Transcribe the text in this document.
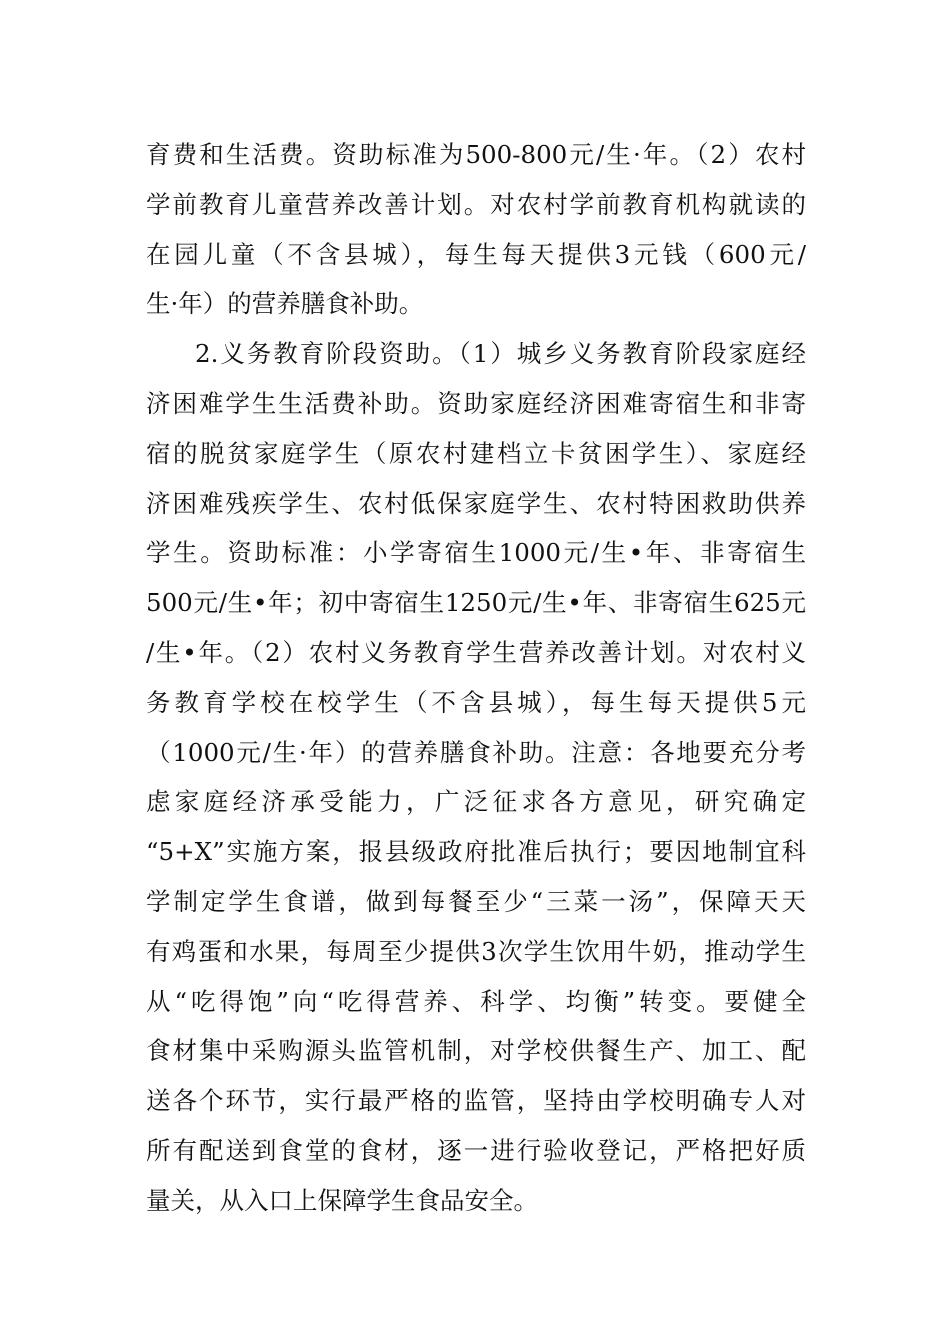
育费和生活费。资助标准为500-800元/生·年。（2）农村
学前教育儿童营养改善计划。对农村学前教育机构就读的
在园儿童（不含县城），每生每天提供3元钱（600元/
生·年）的营养膳食补助。
2.义务教育阶段资助。（1）城乡义务教育阶段家庭经
济困难学生生活费补助。资助家庭经济困难寄宿生和非寄
宿的脱贫家庭学生（原农村建档立卡贫困学生）、家庭经
济困难残疾学生、农村低保家庭学生、农村特困救助供养
学生。资助标准：小学寄宿生1000元/生•年、非寄宿生
500元/生•年；初中寄宿生1250元/生•年、非寄宿生625元
/生•年。（2）农村义务教育学生营养改善计划。对农村义
务教育学校在校学生（不含县城），每生每天提供5元
（1000元/生·年）的营养膳食补助。注意：各地要充分考
虑家庭经济承受能力，广泛征求各方意见，研究确定
“5+X”实施方案，报县级政府批准后执行；要因地制宜科
学制定学生食谱，做到每餐至少“三菜一汤”，保障天天
有鸡蛋和水果，每周至少提供3次学生饮用牛奶，推动学生
从“吃得饱”向“吃得营养、科学、均衡”转变。要健全
食材集中采购源头监管机制，对学校供餐生产、加工、配
送各个环节，实行最严格的监管，坚持由学校明确专人对
所有配送到食堂的食材，逐一进行验收登记，严格把好质
量关，从入口上保障学生食品安全。
